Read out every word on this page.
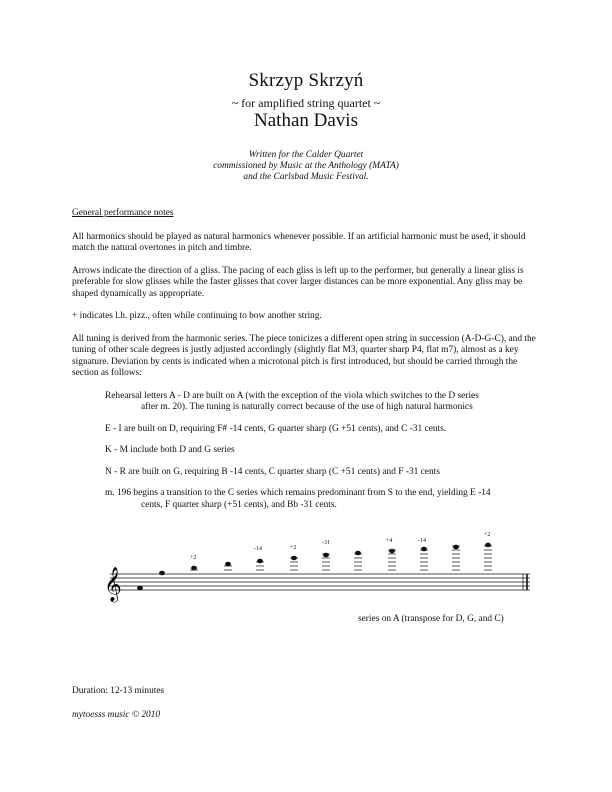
Skrzyp Skrzyń
~ for amplified string quartet ~
Nathan Davis
Written for the Calder Quartet
commissioned by Music at the Anthology (MATA)
and the Carlsbad Music Festival.
General performance notes
All harmonics should be played as natural harmonics whenever possible. If an artificial harmonic must be used, it should match the natural overtones in pitch and timbre.
Arrows indicate the direction of a gliss. The pacing of each gliss is left up to the performer, but generally a linear gliss is preferable for slow glisses while the faster glisses that cover larger distances can be more exponential. Any gliss may be shaped dynamically as appropriate.
+ indicates l.h. pizz., often while continuing to bow another string.
All tuning is derived from the harmonic series. The piece tonicizes a different open string in succession (A-D-G-C), and the tuning of other scale degrees is justly adjusted accordingly (slightly flat M3, quarter sharp P4, flat m7), almost as a key signature. Deviation by cents is indicated when a microtonal pitch is first introduced, but should be carried through the section as follows:
Rehearsal letters A - D are built on A (with the exception of the viola which switches to the D series
after m. 20). The tuning is naturally correct because of the use of high natural harmonics
E - I are built on D, requiring F# -14 cents, G quarter sharp (G +51 cents), and C -31 cents.
K - M include both D and G series
N - R are built on G, requiring B -14 cents, C quarter sharp (C +51 cents) and F -31 cents
m. 196 begins a transition to the C series which remains predominant from S to the end, yielding E -14
cents, F quarter sharp (+51 cents), and Bb -31 cents.
𝄞
+2
-14	+2
-31	+4	-14
+2
series on A (transpose for D, G, and C)
Duration: 12-13 minutes
mytoesss music © 2010
